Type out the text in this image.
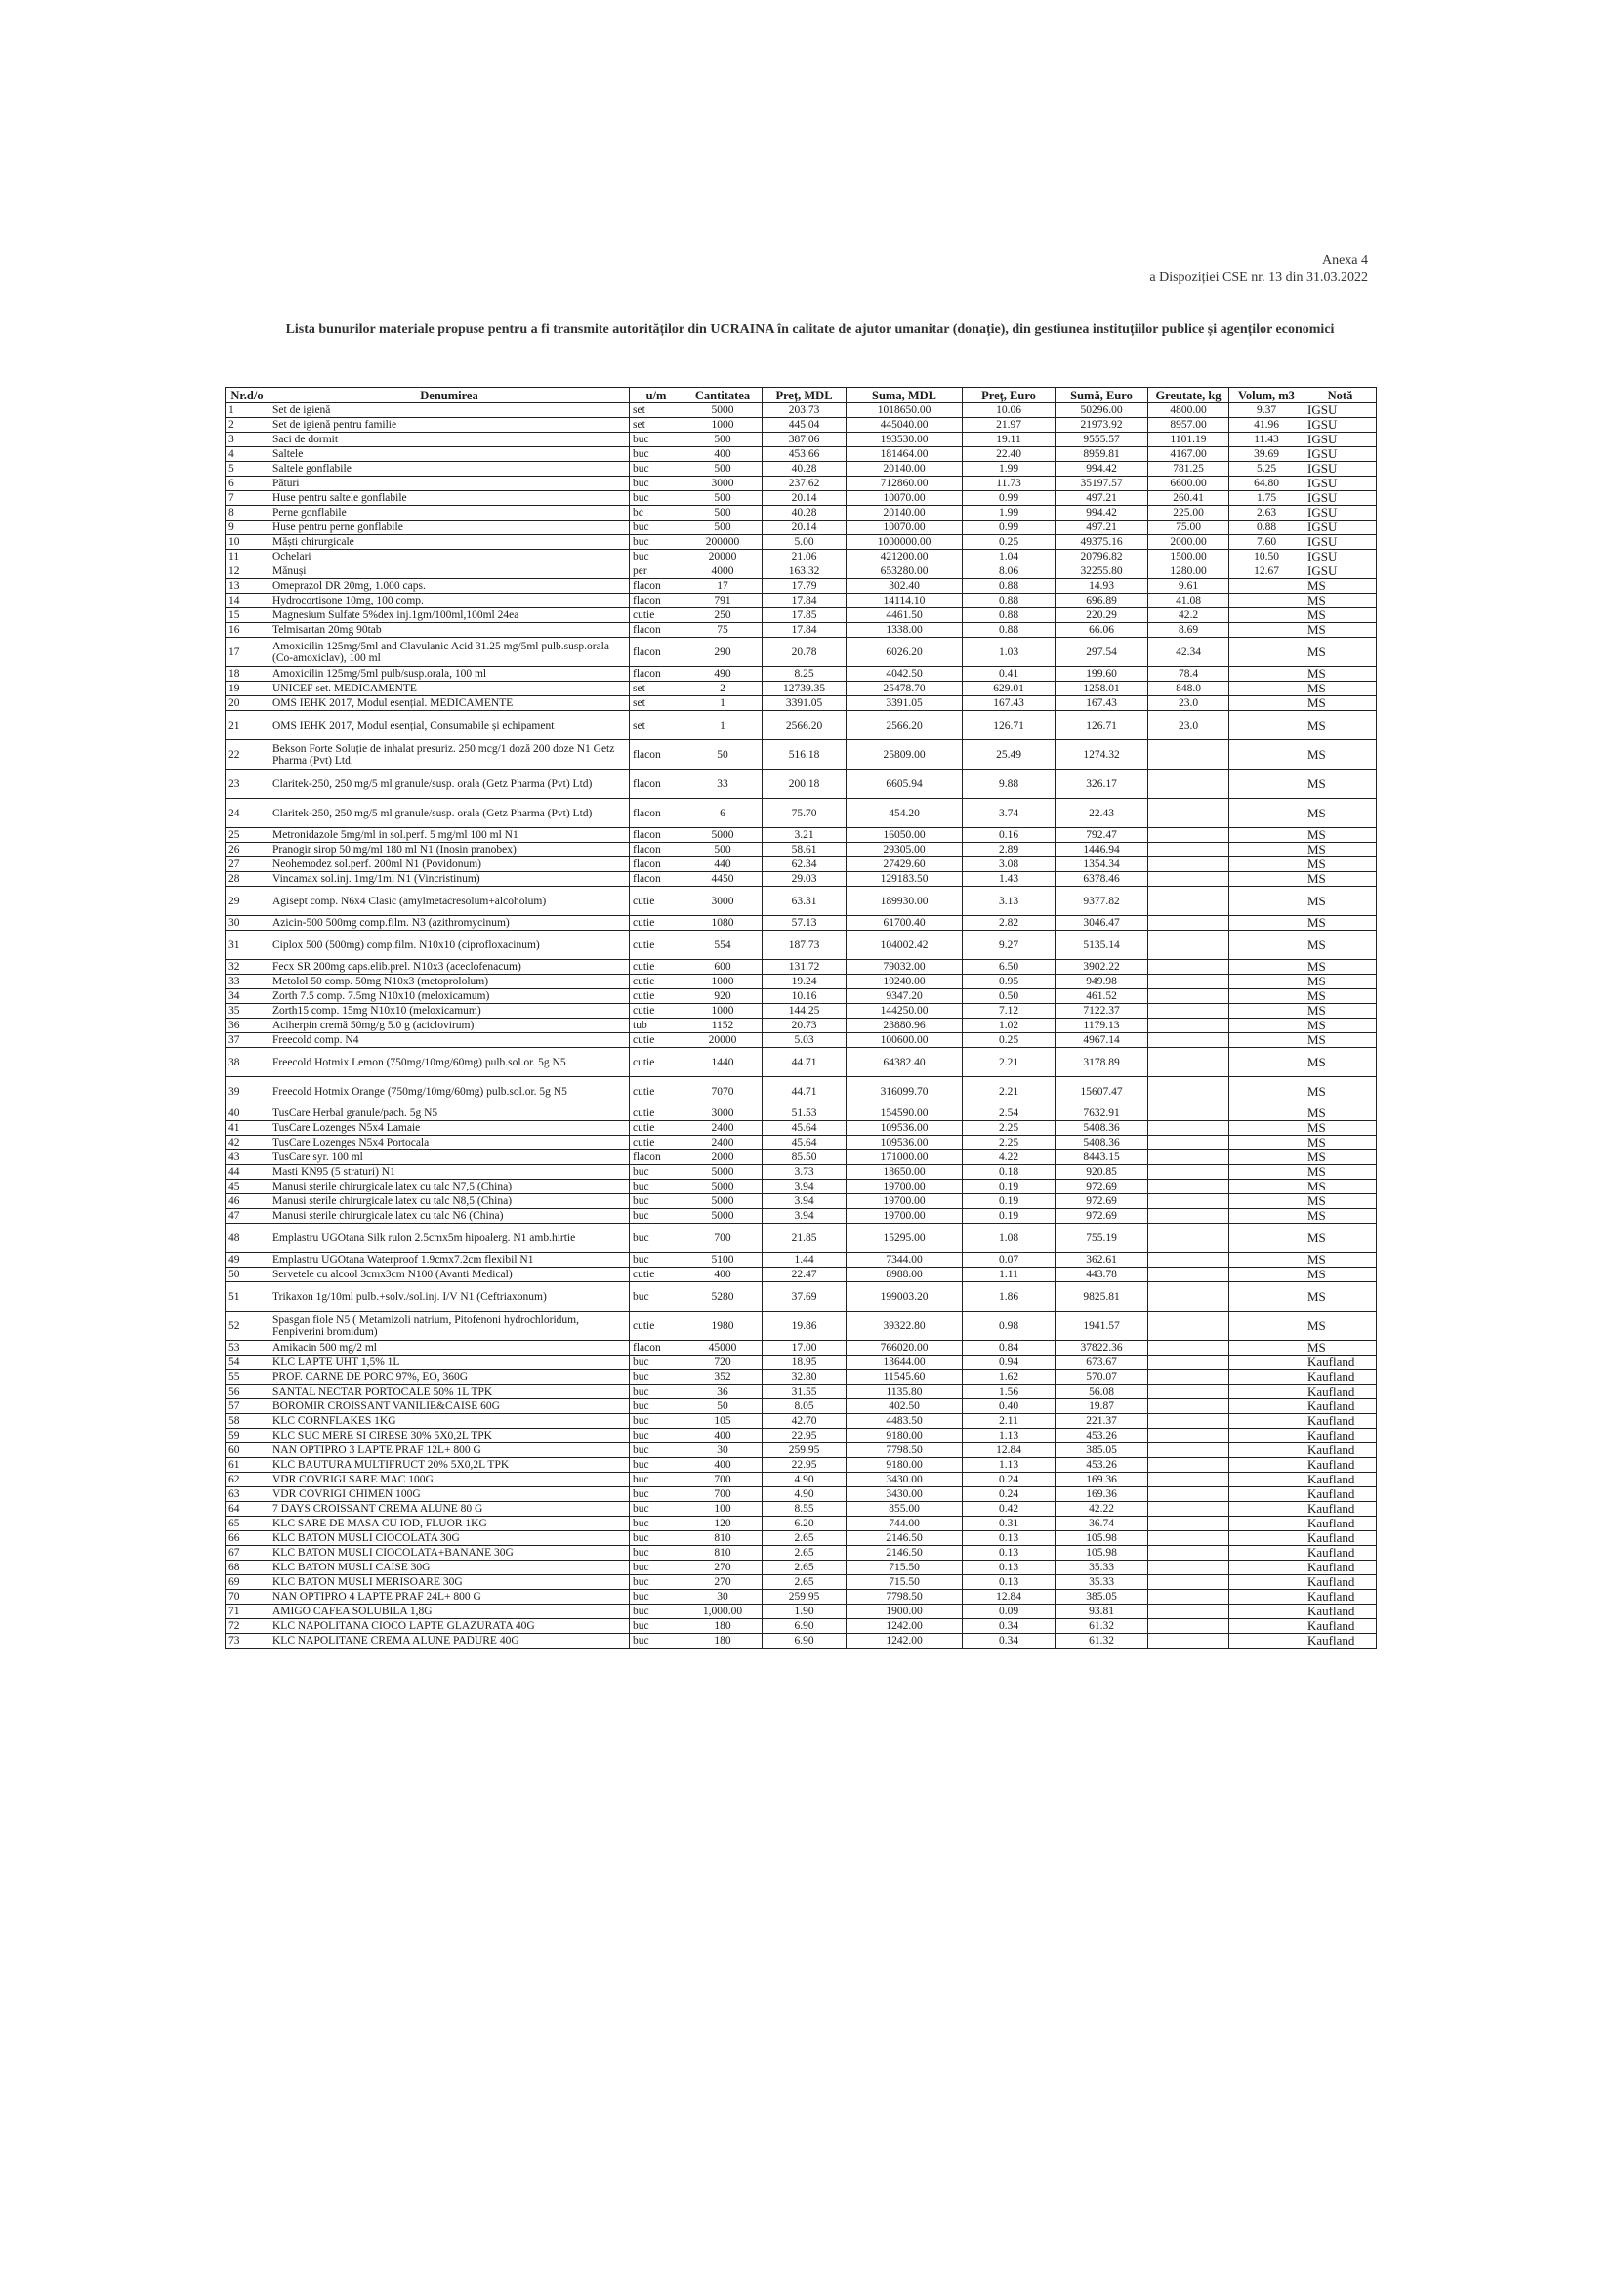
Anexa 4
a Dispoziției CSE nr. 13 din 31.03.2022
Lista bunurilor materiale propuse pentru a fi transmite autorităților din UCRAINA în calitate de ajutor umanitar (donație), din gestiunea instituțiilor publice și agenților economici
Nr.d/o	Denumirea	u/m	Cantitatea	Preț, MDL	Suma, MDL	Preț, Euro	Sumă, Euro	Greutate, kg	Volum, m3	Notă
1	Set de igienă	set	5000	203.73	1018650.00	10.06	50296.00	4800.00	9.37	IGSU
2	Set de igienă pentru familie	set	1000	445.04	445040.00	21.97	21973.92	8957.00	41.96	IGSU
3	Saci de dormit	buc	500	387.06	193530.00	19.11	9555.57	1101.19	11.43	IGSU
4	Saltele	buc	400	453.66	181464.00	22.40	8959.81	4167.00	39.69	IGSU
5	Saltele gonflabile	buc	500	40.28	20140.00	1.99	994.42	781.25	5.25	IGSU
6	Pături	buc	3000	237.62	712860.00	11.73	35197.57	6600.00	64.80	IGSU
7	Huse pentru saltele gonflabile	buc	500	20.14	10070.00	0.99	497.21	260.41	1.75	IGSU
8	Perne gonflabile	bc	500	40.28	20140.00	1.99	994.42	225.00	2.63	IGSU
9	Huse pentru perne gonflabile	buc	500	20.14	10070.00	0.99	497.21	75.00	0.88	IGSU
10	Măști chirurgicale	buc	200000	5.00	1000000.00	0.25	49375.16	2000.00	7.60	IGSU
11	Ochelari	buc	20000	21.06	421200.00	1.04	20796.82	1500.00	10.50	IGSU
12	Mănuși	per	4000	163.32	653280.00	8.06	32255.80	1280.00	12.67	IGSU
13	Omeprazol DR 20mg, 1.000 caps.	flacon	17	17.79	302.40	0.88	14.93	9.61		MS
14	Hydrocortisone 10mg, 100 comp.	flacon	791	17.84	14114.10	0.88	696.89	41.08		MS
15	Magnesium Sulfate 5%dex inj.1gm/100ml,100ml 24ea	cutie	250	17.85	4461.50	0.88	220.29	42.2		MS
16	Telmisartan 20mg 90tab	flacon	75	17.84	1338.00	0.88	66.06	8.69		MS
17	Amoxicilin 125mg/5ml and Clavulanic Acid 31.25 mg/5ml pulb.susp.orala (Co-amoxiclav), 100 ml	flacon	290	20.78	6026.20	1.03	297.54	42.34		MS
18	Amoxicilin 125mg/5ml pulb/susp.orala, 100 ml	flacon	490	8.25	4042.50	0.41	199.60	78.4		MS
19	UNICEF set. MEDICAMENTE	set	2	12739.35	25478.70	629.01	1258.01	848.0		MS
20	OMS IEHK 2017, Modul esențial. MEDICAMENTE	set	1	3391.05	3391.05	167.43	167.43	23.0		MS
21	OMS IEHK 2017, Modul esențial, Consumabile și echipament	set	1	2566.20	2566.20	126.71	126.71	23.0		MS
22	Bekson Forte Soluție de inhalat presuriz. 250 mcg/1 doză 200 doze N1 Getz Pharma (Pvt) Ltd.	flacon	50	516.18	25809.00	25.49	1274.32			MS
23	Claritek-250, 250 mg/5 ml granule/susp. orala (Getz Pharma (Pvt) Ltd)	flacon	33	200.18	6605.94	9.88	326.17			MS
24	Claritek-250, 250 mg/5 ml granule/susp. orala (Getz Pharma (Pvt) Ltd)	flacon	6	75.70	454.20	3.74	22.43			MS
25	Metronidazole 5mg/ml in sol.perf. 5 mg/ml 100 ml N1	flacon	5000	3.21	16050.00	0.16	792.47			MS
26	Pranogir sirop 50 mg/ml 180 ml N1 (Inosin pranobex)	flacon	500	58.61	29305.00	2.89	1446.94			MS
27	Neohemodez sol.perf. 200ml N1 (Povidonum)	flacon	440	62.34	27429.60	3.08	1354.34			MS
28	Vincamax sol.inj. 1mg/1ml N1 (Vincristinum)	flacon	4450	29.03	129183.50	1.43	6378.46			MS
29	Agisept comp. N6x4 Clasic (amylmetacresolum+alcoholum)	cutie	3000	63.31	189930.00	3.13	9377.82			MS
30	Azicin-500 500mg comp.film. N3 (azithromycinum)	cutie	1080	57.13	61700.40	2.82	3046.47			MS
31	Ciplox 500 (500mg) comp.film. N10x10 (ciprofloxacinum)	cutie	554	187.73	104002.42	9.27	5135.14			MS
32	Fecx SR 200mg caps.elib.prel. N10x3 (aceclofenacum)	cutie	600	131.72	79032.00	6.50	3902.22			MS
33	Metolol 50 comp. 50mg N10x3 (metoprololum)	cutie	1000	19.24	19240.00	0.95	949.98			MS
34	Zorth 7.5 comp. 7.5mg N10x10 (meloxicamum)	cutie	920	10.16	9347.20	0.50	461.52			MS
35	Zorth15 comp. 15mg N10x10 (meloxicamum)	cutie	1000	144.25	144250.00	7.12	7122.37			MS
36	Aciherpin cremă 50mg/g 5.0 g (aciclovirum)	tub	1152	20.73	23880.96	1.02	1179.13			MS
37	Freecold comp. N4	cutie	20000	5.03	100600.00	0.25	4967.14			MS
38	Freecold Hotmix Lemon (750mg/10mg/60mg) pulb.sol.or. 5g N5	cutie	1440	44.71	64382.40	2.21	3178.89			MS
39	Freecold Hotmix Orange (750mg/10mg/60mg) pulb.sol.or. 5g N5	cutie	7070	44.71	316099.70	2.21	15607.47			MS
40	TusCare Herbal granule/pach. 5g N5	cutie	3000	51.53	154590.00	2.54	7632.91			MS
41	TusCare Lozenges N5x4 Lamaie	cutie	2400	45.64	109536.00	2.25	5408.36			MS
42	TusCare Lozenges N5x4 Portocala	cutie	2400	45.64	109536.00	2.25	5408.36			MS
43	TusCare syr. 100 ml	flacon	2000	85.50	171000.00	4.22	8443.15			MS
44	Masti KN95 (5 straturi) N1	buc	5000	3.73	18650.00	0.18	920.85			MS
45	Manusi sterile chirurgicale latex cu talc N7,5 (China)	buc	5000	3.94	19700.00	0.19	972.69			MS
46	Manusi sterile chirurgicale latex cu talc N8,5 (China)	buc	5000	3.94	19700.00	0.19	972.69			MS
47	Manusi sterile chirurgicale latex cu talc N6 (China)	buc	5000	3.94	19700.00	0.19	972.69			MS
48	Emplastru UGOtana Silk rulon 2.5cmx5m hipoalerg. N1 amb.hirtie	buc	700	21.85	15295.00	1.08	755.19			MS
49	Emplastru UGOtana Waterproof 1.9cmx7.2cm flexibil N1	buc	5100	1.44	7344.00	0.07	362.61			MS
50	Servetele cu alcool 3cmx3cm N100 (Avanti Medical)	cutie	400	22.47	8988.00	1.11	443.78			MS
51	Trikaxon 1g/10ml pulb.+solv./sol.inj. I/V N1 (Ceftriaxonum)	buc	5280	37.69	199003.20	1.86	9825.81			MS
52	Spasgan fiole N5 ( Metamizoli natrium, Pitofenoni hydrochloridum, Fenpiverini bromidum)	cutie	1980	19.86	39322.80	0.98	1941.57			MS
53	Amikacin 500 mg/2 ml	flacon	45000	17.00	766020.00	0.84	37822.36			MS
54	KLC LAPTE UHT 1,5% 1L	buc	720	18.95	13644.00	0.94	673.67			Kaufland
55	PROF. CARNE DE PORC 97%, EO, 360G	buc	352	32.80	11545.60	1.62	570.07			Kaufland
56	SANTAL NECTAR PORTOCALE 50% 1L TPK	buc	36	31.55	1135.80	1.56	56.08			Kaufland
57	BOROMIR CROISSANT VANILIE&CAISE 60G	buc	50	8.05	402.50	0.40	19.87			Kaufland
58	KLC CORNFLAKES 1KG	buc	105	42.70	4483.50	2.11	221.37			Kaufland
59	KLC SUC MERE SI CIRESE 30% 5X0,2L TPK	buc	400	22.95	9180.00	1.13	453.26			Kaufland
60	NAN OPTIPRO 3 LAPTE PRAF 12L+ 800 G	buc	30	259.95	7798.50	12.84	385.05			Kaufland
61	KLC BAUTURA MULTIFRUCT 20% 5X0,2L TPK	buc	400	22.95	9180.00	1.13	453.26			Kaufland
62	VDR COVRIGI SARE MAC 100G	buc	700	4.90	3430.00	0.24	169.36			Kaufland
63	VDR COVRIGI CHIMEN 100G	buc	700	4.90	3430.00	0.24	169.36			Kaufland
64	7 DAYS CROISSANT CREMA ALUNE 80 G	buc	100	8.55	855.00	0.42	42.22			Kaufland
65	KLC SARE DE MASA CU IOD, FLUOR 1KG	buc	120	6.20	744.00	0.31	36.74			Kaufland
66	KLC BATON MUSLI CIOCOLATA 30G	buc	810	2.65	2146.50	0.13	105.98			Kaufland
67	KLC BATON MUSLI CIOCOLATA+BANANE 30G	buc	810	2.65	2146.50	0.13	105.98			Kaufland
68	KLC BATON MUSLI CAISE 30G	buc	270	2.65	715.50	0.13	35.33			Kaufland
69	KLC BATON MUSLI MERISOARE 30G	buc	270	2.65	715.50	0.13	35.33			Kaufland
70	NAN OPTIPRO 4 LAPTE PRAF 24L+ 800 G	buc	30	259.95	7798.50	12.84	385.05			Kaufland
71	AMIGO CAFEA SOLUBILA 1,8G	buc	1,000.00	1.90	1900.00	0.09	93.81			Kaufland
72	KLC NAPOLITANA CIOCO LAPTE GLAZURATA 40G	buc	180	6.90	1242.00	0.34	61.32			Kaufland
73	KLC NAPOLITANE CREMA ALUNE PADURE 40G	buc	180	6.90	1242.00	0.34	61.32			Kaufland
